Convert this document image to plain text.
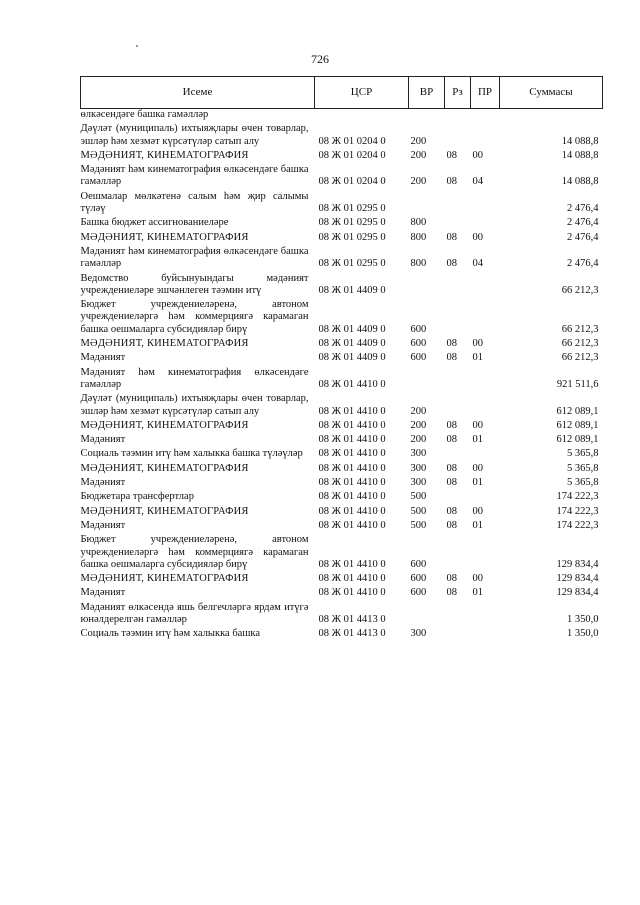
726
Исеме	ЦСР	ВР	Рз	ПР	Суммасы
өлкәсендәге башка гамәлләр					
Дәүләт (муниципаль) ихтыяҗлары өчен товарлар, эшләр һәм хезмәт күрсәтүләр сатып алу	08 Ж 01 0204 0	200			14 088,8
МӘДӘНИЯТ, КИНЕМАТОГРАФИЯ	08 Ж 01 0204 0	200	08	00	14 088,8
Мәдәният һәм кинематография өлкәсендәге башка гамәлләр	08 Ж 01 0204 0	200	08	04	14 088,8
Оешмалар мөлкәтенә салым һәм җир салымы түләү	08 Ж 01 0295 0				2 476,4
Башка бюджет ассигнованиеләре	08 Ж 01 0295 0	800			2 476,4
МӘДӘНИЯТ, КИНЕМАТОГРАФИЯ	08 Ж 01 0295 0	800	08	00	2 476,4
Мәдәният һәм кинематография өлкәсендәге башка гамәлләр	08 Ж 01 0295 0	800	08	04	2 476,4
Ведомство буйсынуындагы мәдәният учреждениеләре эшчәнлеген тәэмин итү	08 Ж 01 4409 0				66 212,3
Бюджет учреждениеләренә, автоном учреждениеләргә һәм коммерциягә карамаган башка оешмаларга субсидияләр бирү	08 Ж 01 4409 0	600			66 212,3
МӘДӘНИЯТ, КИНЕМАТОГРАФИЯ	08 Ж 01 4409 0	600	08	00	66 212,3
Мәдәният	08 Ж 01 4409 0	600	08	01	66 212,3
Мәдәният һәм кинематография өлкәсендәге гамәлләр	08 Ж 01 4410 0				921 511,6
Дәүләт (муниципаль) ихтыяҗлары өчен товарлар, эшләр һәм хезмәт күрсәтүләр сатып алу	08 Ж 01 4410 0	200			612 089,1
МӘДӘНИЯТ, КИНЕМАТОГРАФИЯ	08 Ж 01 4410 0	200	08	00	612 089,1
Мәдәният	08 Ж 01 4410 0	200	08	01	612 089,1
Социаль тәэмин итү һәм халыкка башка түләүләр	08 Ж 01 4410 0	300			5 365,8
МӘДӘНИЯТ, КИНЕМАТОГРАФИЯ	08 Ж 01 4410 0	300	08	00	5 365,8
Мәдәният	08 Ж 01 4410 0	300	08	01	5 365,8
Бюджетара трансфертлар	08 Ж 01 4410 0	500			174 222,3
МӘДӘНИЯТ, КИНЕМАТОГРАФИЯ	08 Ж 01 4410 0	500	08	00	174 222,3
Мәдәният	08 Ж 01 4410 0	500	08	01	174 222,3
Бюджет учреждениеләренә, автоном учреждениеләргә һәм коммерциягә карамаган башка оешмаларга субсидияләр бирү	08 Ж 01 4410 0	600			129 834,4
МӘДӘНИЯТ, КИНЕМАТОГРАФИЯ	08 Ж 01 4410 0	600	08	00	129 834,4
Мәдәният	08 Ж 01 4410 0	600	08	01	129 834,4
Мәдәният өлкәсендә яшь белгечләргә ярдәм итүгә юнәлдерелгән гамәлләр	08 Ж 01 4413 0				1 350,0
Социаль тәэмин итү һәм халыкка башка	08 Ж 01 4413 0	300			1 350,0
